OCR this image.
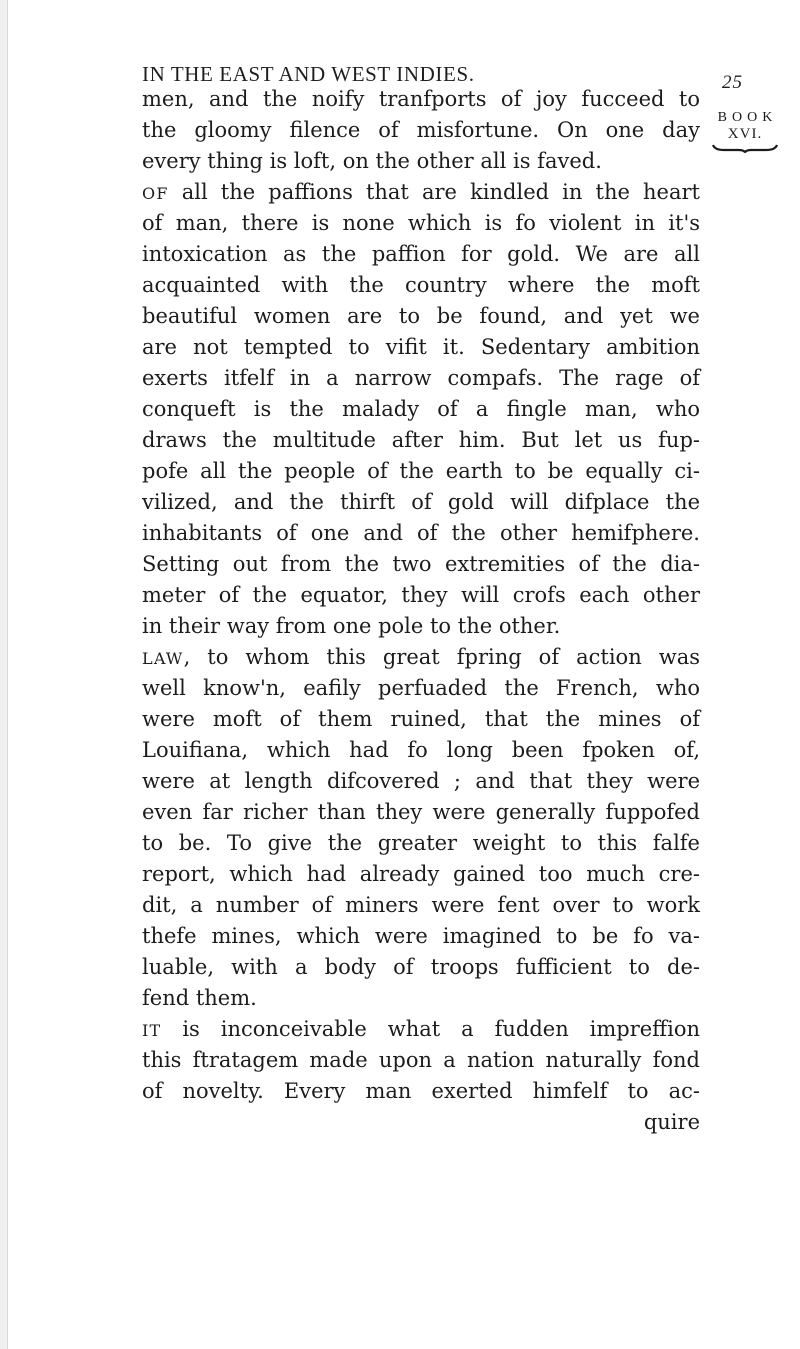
IN THE EAST AND WEST INDIES.	25
BOOK
XVI.
men, and the noify tranfports of joy fucceed to
the gloomy filence of misfortune. On one day
every thing is loft, on the other all is faved.
OF all the paffions that are kindled in the heart
of man, there is none which is fo violent in it's
intoxication as the paffion for gold. We are all
acquainted with the country where the moft
beautiful women are to be found, and yet we
are not tempted to vifit it. Sedentary ambition
exerts itfelf in a narrow compafs. The rage of
conqueft is the malady of a fingle man, who
draws the multitude after him. But let us fup-
pofe all the people of the earth to be equally ci-
vilized, and the thirft of gold will difplace the
inhabitants of one and of the other hemifphere.
Setting out from the two extremities of the dia-
meter of the equator, they will crofs each other
in their way from one pole to the other.
LAW, to whom this great fpring of action was
well know'n, eafily perfuaded the French, who
were moft of them ruined, that the mines of
Louifiana, which had fo long been fpoken of,
were at length difcovered ; and that they were
even far richer than they were generally fuppofed
to be. To give the greater weight to this falfe
report, which had already gained too much cre-
dit, a number of miners were fent over to work
thefe mines, which were imagined to be fo va-
luable, with a body of troops fufficient to de-
fend them.
IT is inconceivable what a fudden impreffion
this ftratagem made upon a nation naturally fond
of novelty. Every man exerted himfelf to ac-
quire
